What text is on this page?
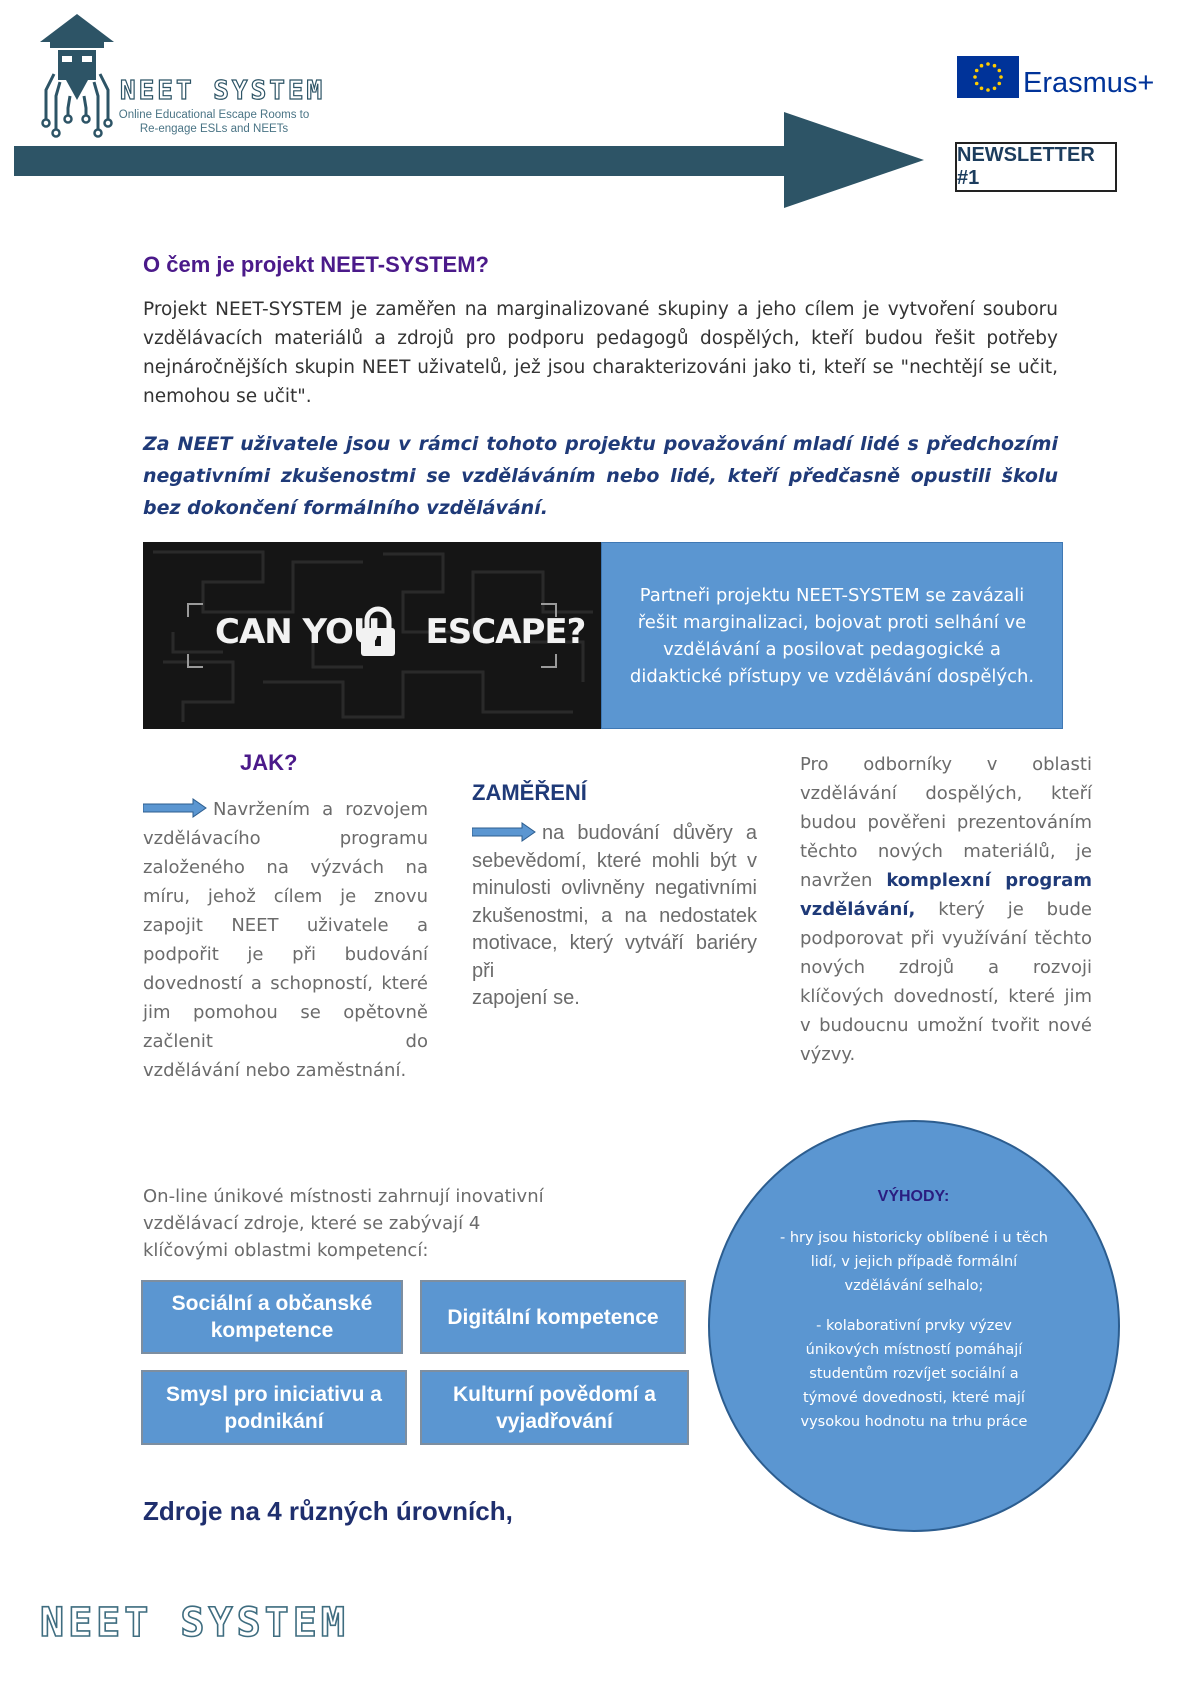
NEET SYSTEM
Online Educational Escape Rooms to Re-engage ESLs and NEETs
Erasmus+
NEWSLETTER #1
O čem je projekt NEET-SYSTEM?
Projekt NEET-SYSTEM je zaměřen na marginalizované skupiny a jeho cílem je vytvoření souboru vzdělávacích materiálů a zdrojů pro podporu pedagogů dospělých, kteří budou řešit potřeby nejnáročnějších skupin NEET uživatelů, jež jsou charakterizováni jako ti, kteří se "nechtějí se učit, nemohou se učit".
Za NEET uživatele jsou v rámci tohoto projektu považování mladí lidé s předchozími negativními zkušenostmi se vzděláváním nebo lidé, kteří předčasně opustili školu bez dokončení formálního vzdělávání.
CAN YOU ESCAPE?
Partneři projektu NEET-SYSTEM se zavázali řešit marginalizaci, bojovat proti selhání ve vzdělávání a posilovat pedagogické a didaktické přístupy ve vzdělávání dospělých.
JAK?
Navržením a rozvojem vzdělávacího programu založeného na výzvách na míru, jehož cílem je znovu zapojit NEET uživatele a podpořit je při budování dovedností a schopností, které jim pomohou se opětovně začlenit do
vzdělávání nebo zaměstnání.
ZAMĚŘENÍ
na budování důvěry a sebevědomí, které mohli být v minulosti ovlivněny negativními zkušenostmi, a na nedostatek motivace, který vytváří bariéry při
zapojení se.
Pro odborníky v oblasti vzdělávání dospělých, kteří budou pověřeni prezentováním těchto nových materiálů, je navržen komplexní program vzdělávání, který je bude podporovat při využívání těchto nových zdrojů a rozvoji klíčových dovedností, které jim v budoucnu umožní tvořit nové
výzvy.
On-line únikové místnosti zahrnují inovativní vzdělávací zdroje, které se zabývají 4 klíčovými oblastmi kompetencí:
Sociální a občanské kompetence
Digitální kompetence
Smysl pro iniciativu a podnikání
Kulturní povědomí a vyjadřování
VÝHODY:

- hry jsou historicky oblíbené i u těch lidí, v jejich případě formální vzdělávání selhalo;

- kolaborativní prvky výzev únikových místností pomáhají studentům rozvíjet sociální a týmové dovednosti, které mají vysokou hodnotu na trhu práce

Zdroje na 4 různých úrovních,
NEET SYSTEM
